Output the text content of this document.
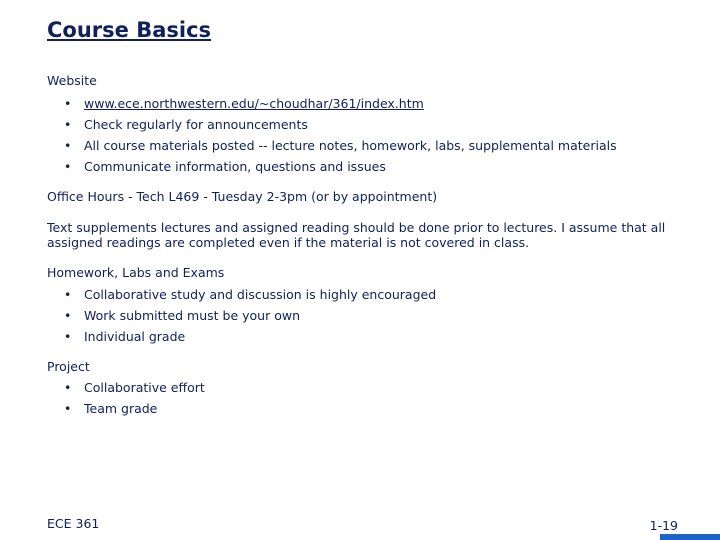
Course Basics
Website
• www.ece.northwestern.edu/~choudhar/361/index.htm
• Check regularly for announcements
• All course materials posted -- lecture notes, homework, labs, supplemental materials
• Communicate information, questions and issues
Office Hours - Tech L469 - Tuesday 2-3pm (or by appointment)
Text supplements lectures and assigned reading should be done prior to lectures. I assume that all assigned readings are completed even if the material is not covered in class.
Homework, Labs and Exams
• Collaborative study and discussion is highly encouraged
• Work submitted must be your own
• Individual grade
Project
• Collaborative effort
• Team grade
ECE 361	1-19
